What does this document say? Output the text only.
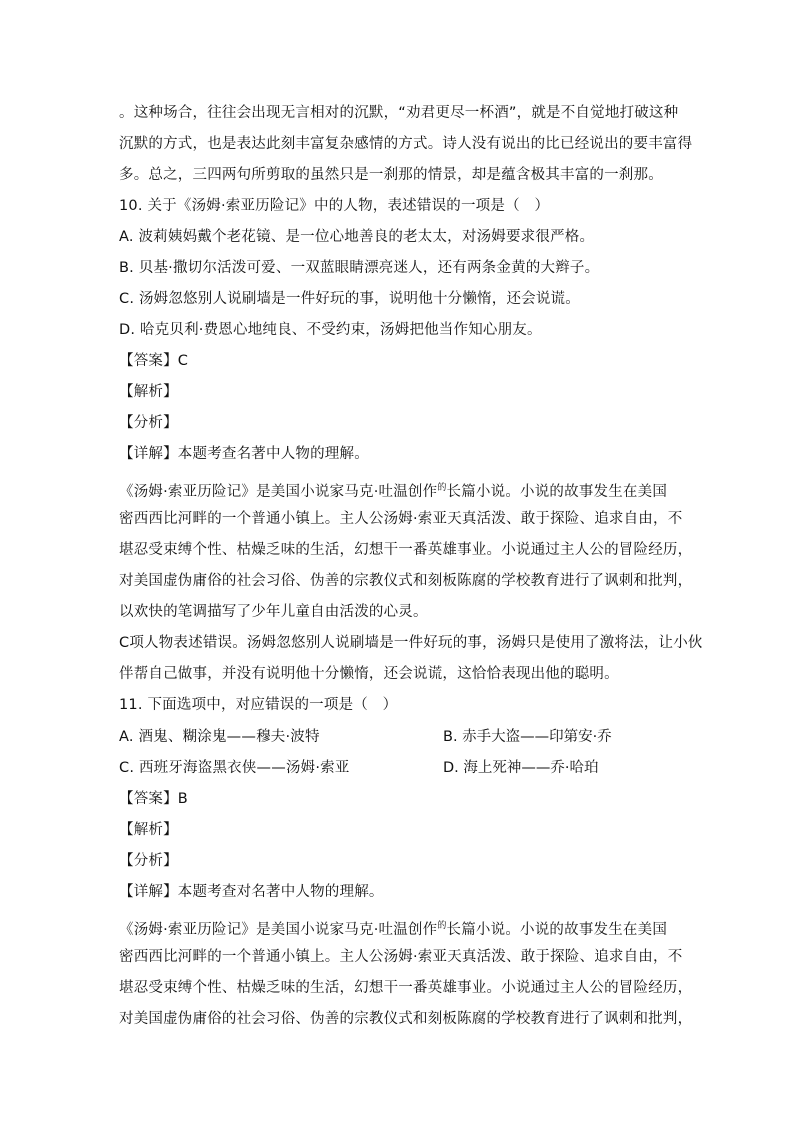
。这种场合，往往会出现无言相对的沉默，“劝君更尽一杯酒”，就是不自觉地打破这种
沉默的方式，也是表达此刻丰富复杂感情的方式。诗人没有说出的比已经说出的要丰富得
多。总之，三四两句所剪取的虽然只是一刹那的情景，却是蕴含极其丰富的一刹那。
10. 关于《汤姆·索亚历险记》中的人物，表述错误的一项是（　）
A. 波莉姨妈戴个老花镜、是一位心地善良的老太太，对汤姆要求很严格。
B. 贝基·撒切尔活泼可爱、一双蓝眼睛漂亮迷人，还有两条金黄的大辫子。
C. 汤姆忽悠别人说刷墙是一件好玩的事，说明他十分懒惰，还会说谎。
D. 哈克贝利·费恩心地纯良、不受约束，汤姆把他当作知心朋友。
【答案】C
【解析】
【分析】
【详解】本题考查名著中人物的理解。
《汤姆·索亚历险记》是美国小说家马克·吐温创作$^的$长篇小说。小说的故事发生在美国
密西西比河畔的一个普通小镇上。主人公汤姆·索亚天真活泼、敢于探险、追求自由，不
堪忍受束缚个性、枯燥乏味的生活，幻想干一番英雄事业。小说通过主人公的冒险经历，
对美国虚伪庸俗的社会习俗、伪善的宗教仪式和刻板陈腐的学校教育进行了讽刺和批判，
以欢快的笔调描写了少年儿童自由活泼的心灵。
C项人物表述错误。汤姆忽悠别人说刷墙是一件好玩的事，汤姆只是使用了激将法，让小伙
伴帮自己做事，并没有说明他十分懒惰，还会说谎，这恰恰表现出他的聪明。
11. 下面选项中，对应错误的一项是（　）
A. 酒鬼、糊涂鬼——穆夫·波特	B. 赤手大盗——印第安·乔
C. 西班牙海盗黑衣侠——汤姆·索亚	D. 海上死神——乔·哈珀
【答案】B
【解析】
【分析】
【详解】本题考查对名著中人物的理解。
《汤姆·索亚历险记》是美国小说家马克·吐温创作$^的$长篇小说。小说的故事发生在美国
密西西比河畔的一个普通小镇上。主人公汤姆·索亚天真活泼、敢于探险、追求自由，不
堪忍受束缚个性、枯燥乏味的生活，幻想干一番英雄事业。小说通过主人公的冒险经历，
对美国虚伪庸俗的社会习俗、伪善的宗教仪式和刻板陈腐的学校教育进行了讽刺和批判，
